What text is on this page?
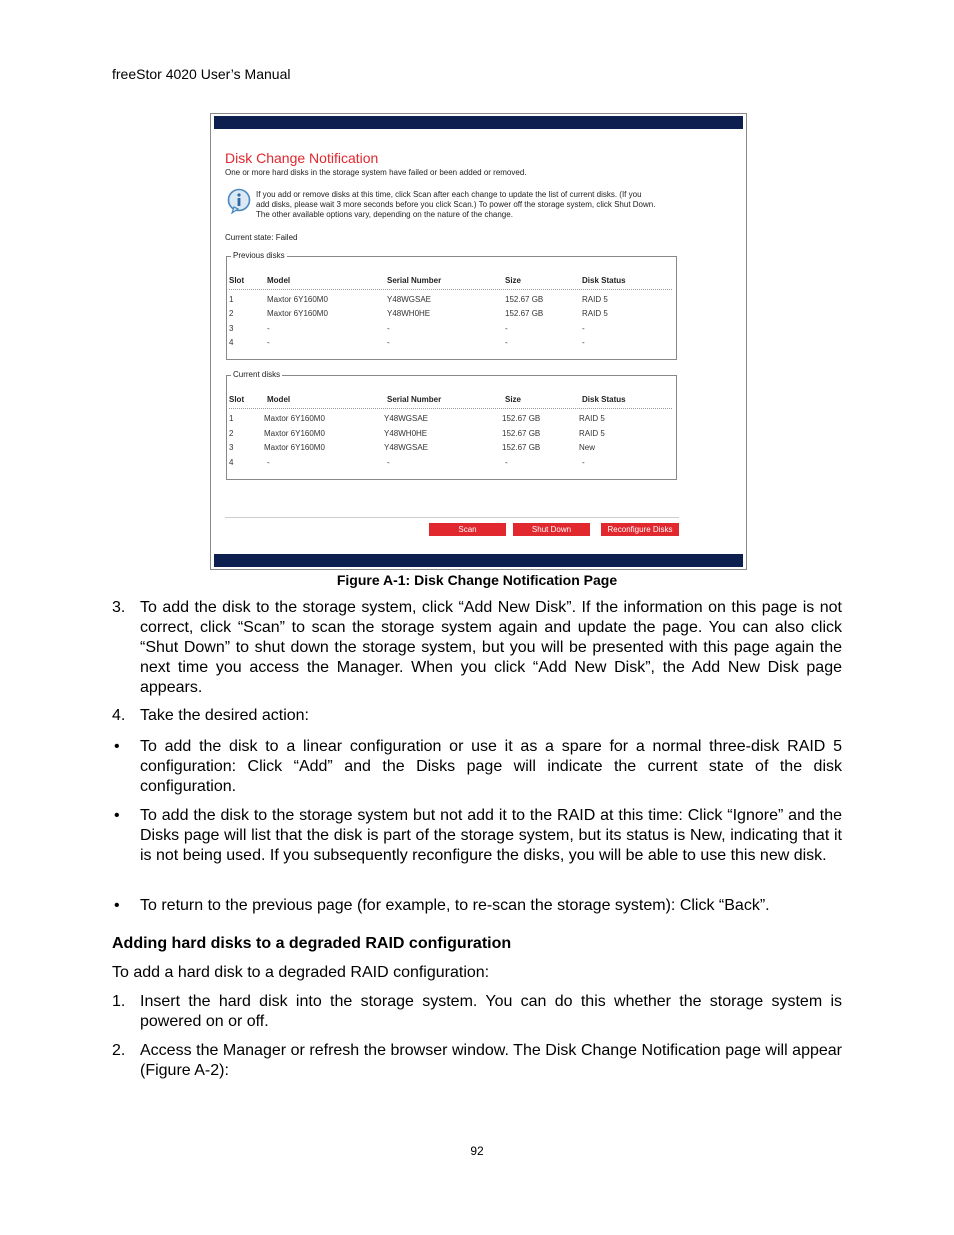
freeStor 4020 User’s Manual
Disk Change Notification
One or more hard disks in the storage system have failed or been added or removed.
If you add or remove disks at this time, click Scan after each change to update the list of current disks. (If you
add disks, please wait 3 more seconds before you click Scan.) To power off the storage system, click Shut Down.
The other available options vary, depending on the nature of the change.
Current state: Failed
Previous disks
Slot	Model	Serial Number	Size	Disk Status
1	Maxtor 6Y160M0	Y48WGSAE	152.67 GB	RAID 5
2	Maxtor 6Y160M0	Y48WH0HE	152.67 GB	RAID 5
3	-	-	-	-
4	-	-	-	-
Current disks
Slot	Model	Serial Number	Size	Disk Status
1	Maxtor 6Y160M0	Y48WGSAE	152.67 GB	RAID 5
2	Maxtor 6Y160M0	Y48WH0HE	152.67 GB	RAID 5
3	Maxtor 6Y160M0	Y48WGSAE	152.67 GB	New
4	-	-	-	-
Scan	Shut Down	Reconfigure Disks
Figure A-1: Disk Change Notification Page
3. To add the disk to the storage system, click “Add New Disk”. If the information on this page is not correct, click “Scan” to scan the storage system again and update the page. You can also click “Shut Down” to shut down the storage system, but you will be presented with this page again the next time you access the Manager. When you click “Add New Disk”, the Add New Disk page appears.
4. Take the desired action:
• To add the disk to a linear configuration or use it as a spare for a normal three-disk RAID 5 configuration: Click “Add” and the Disks page will indicate the current state of the disk configuration.
• To add the disk to the storage system but not add it to the RAID at this time: Click “Ignore” and the Disks page will list that the disk is part of the storage system, but its status is New, indicating that it is not being used. If you subsequently reconfigure the disks, you will be able to use this new disk.
• To return to the previous page (for example, to re-scan the storage system): Click “Back”.
Adding hard disks to a degraded RAID configuration
To add a hard disk to a degraded RAID configuration:
1. Insert the hard disk into the storage system. You can do this whether the storage system is powered on or off.
2. Access the Manager or refresh the browser window. The Disk Change Notification page will appear (Figure A-2):
92
